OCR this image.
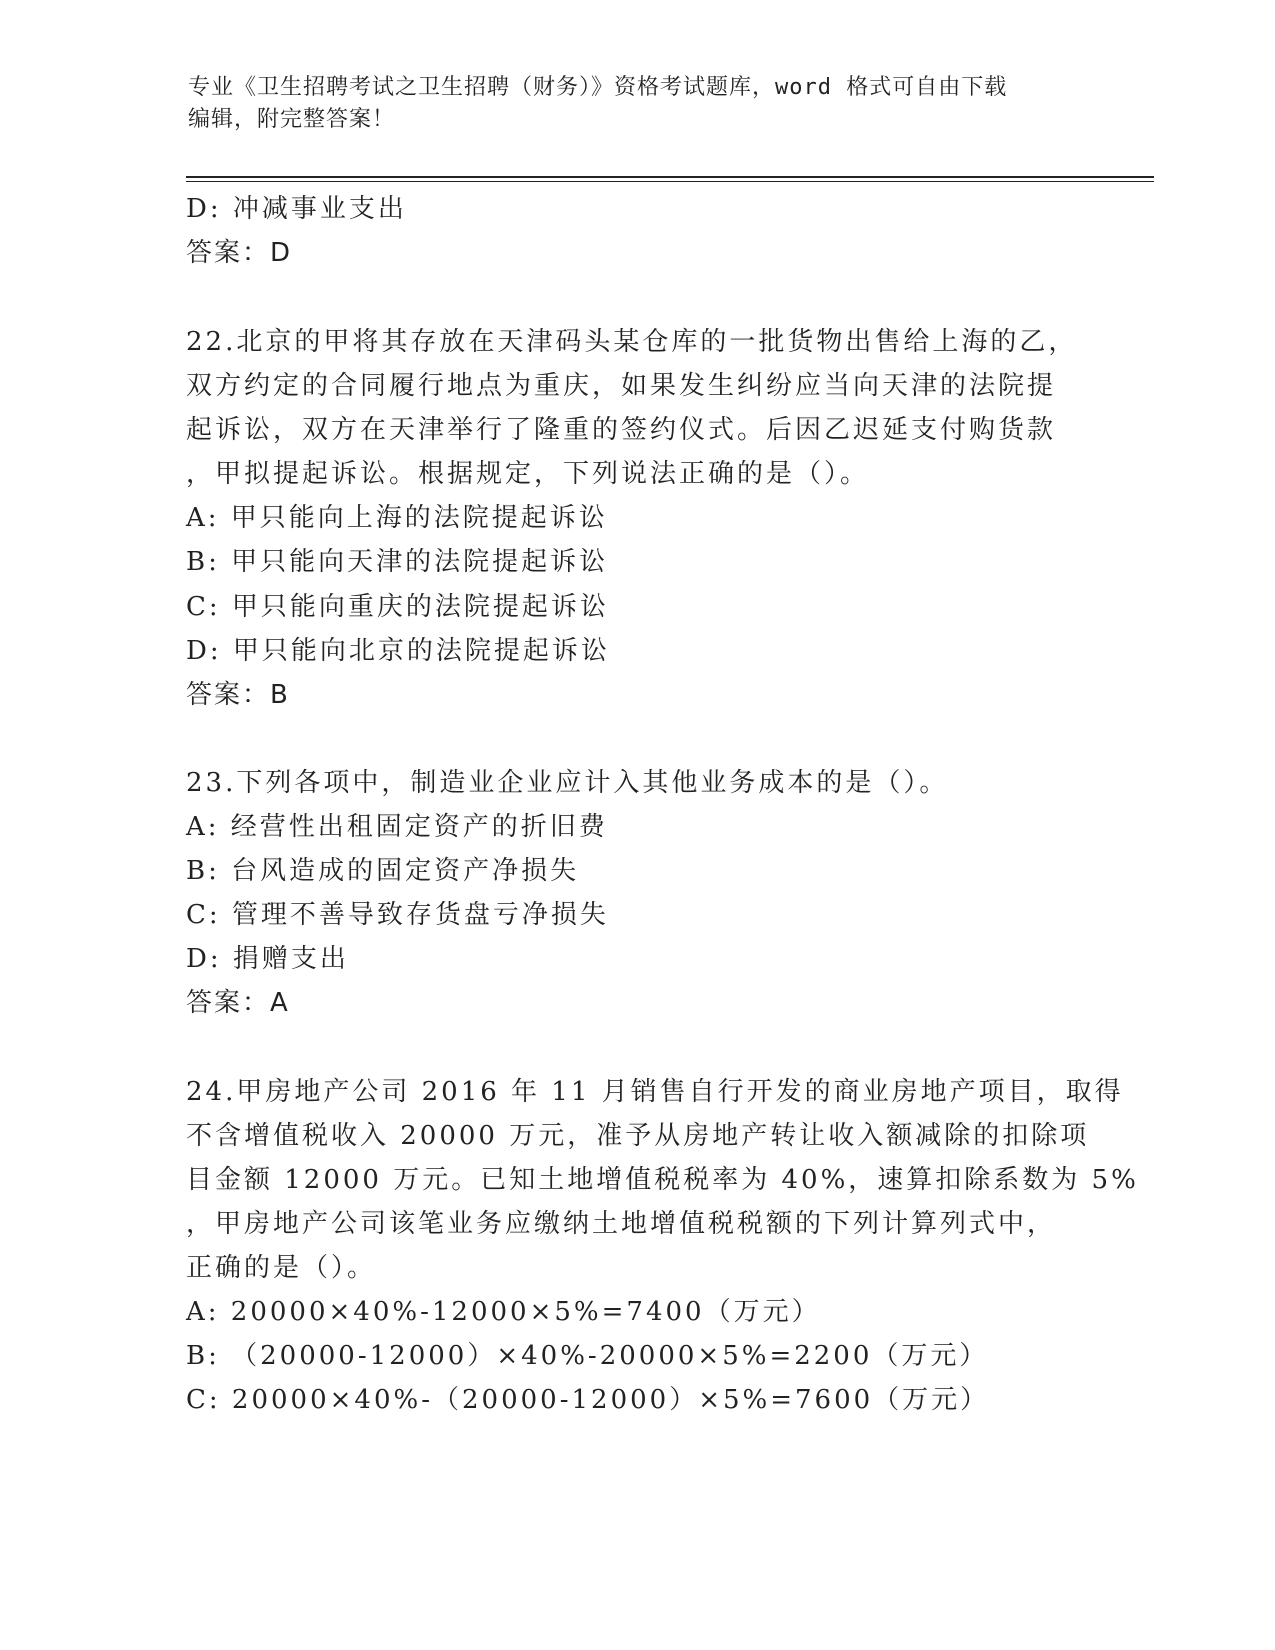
专业《卫生招聘考试之卫生招聘（财务）》资格考试题库，word 格式可自由下载
编辑，附完整答案！
D: 冲减事业支出
答案：D
22.北京的甲将其存放在天津码头某仓库的一批货物出售给上海的乙，
双方约定的合同履行地点为重庆，如果发生纠纷应当向天津的法院提
起诉讼，双方在天津举行了隆重的签约仪式。后因乙迟延支付购货款
，甲拟提起诉讼。根据规定，下列说法正确的是（）。
A: 甲只能向上海的法院提起诉讼
B: 甲只能向天津的法院提起诉讼
C: 甲只能向重庆的法院提起诉讼
D: 甲只能向北京的法院提起诉讼
答案：B
23.下列各项中，制造业企业应计入其他业务成本的是（）。
A: 经营性出租固定资产的折旧费
B: 台风造成的固定资产净损失
C: 管理不善导致存货盘亏净损失
D: 捐赠支出
答案：A
24.甲房地产公司 2016 年 11 月销售自行开发的商业房地产项目，取得
不含增值税收入 20000 万元，准予从房地产转让收入额减除的扣除项
目金额 12000 万元。已知土地增值税税率为 40%，速算扣除系数为 5%
，甲房地产公司该笔业务应缴纳土地增值税税额的下列计算列式中，
正确的是（）。
A: 20000×40%-12000×5%=7400（万元）
B: （20000-12000）×40%-20000×5%=2200（万元）
C: 20000×40%-（20000-12000）×5%=7600（万元）
